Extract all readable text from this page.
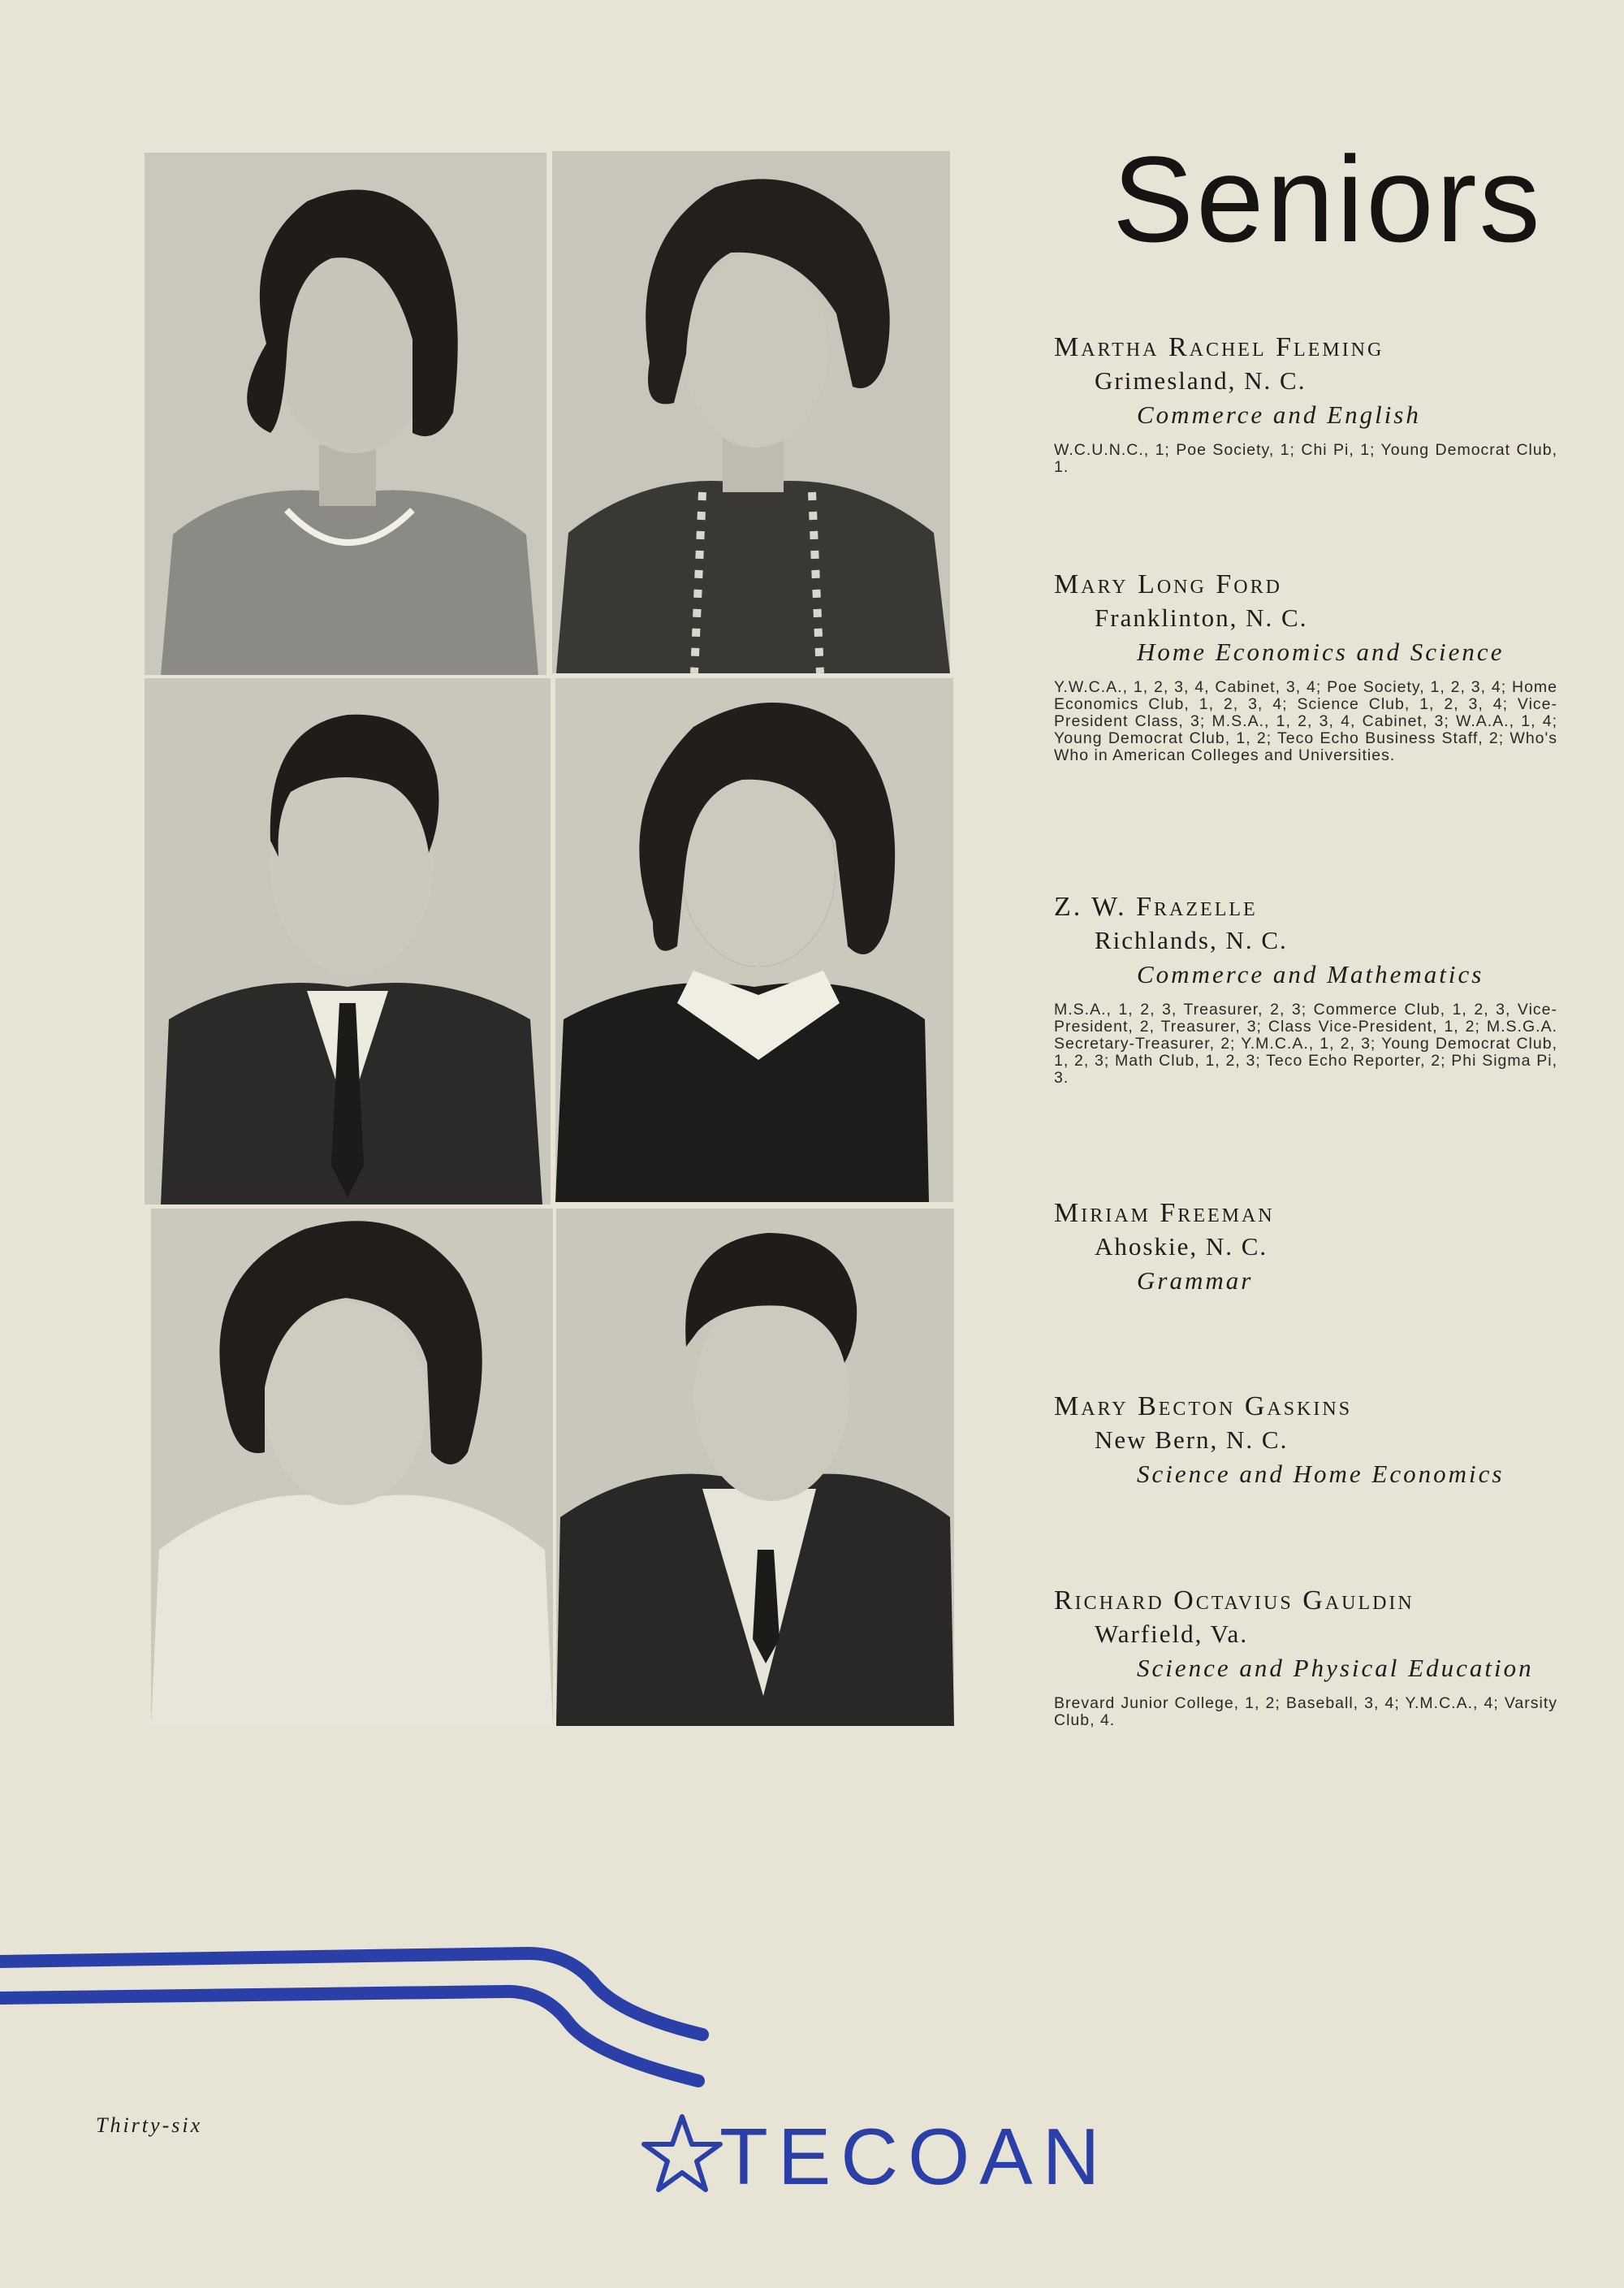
Seniors

Martha Rachel Fleming

Grimesland, N. C.

Commerce and English

W.C.U.N.C., 1; Poe Society, 1; Chi Pi, 1; Young Democrat Club, 1.

Mary Long Ford

Franklinton, N. C.

Home Economics and Science

Y.W.C.A., 1, 2, 3, 4, Cabinet, 3, 4; Poe Society, 1, 2, 3, 4; Home Economics Club, 1, 2, 3, 4; Science Club, 1, 2, 3, 4; Vice-President Class, 3; M.S.A., 1, 2, 3, 4, Cabinet, 3; W.A.A., 1, 4; Young Democrat Club, 1, 2; Teco Echo Business Staff, 2; Who's Who in American Colleges and Universities.

Z. W. Frazelle

Richlands, N. C.

Commerce and Mathematics

M.S.A., 1, 2, 3, Treasurer, 2, 3; Commerce Club, 1, 2, 3, Vice-President, 2, Treasurer, 3; Class Vice-President, 1, 2; M.S.G.A. Secretary-Treasurer, 2; Y.M.C.A., 1, 2, 3; Young Democrat Club, 1, 2, 3; Math Club, 1, 2, 3; Teco Echo Reporter, 2; Phi Sigma Pi, 3.

Miriam Freeman

Ahoskie, N. C.

Grammar

Mary Becton Gaskins

New Bern, N. C.

Science and Home Economics

Richard Octavius Gauldin

Warfield, Va.

Science and Physical Education

Brevard Junior College, 1, 2; Baseball, 3, 4; Y.M.C.A., 4; Varsity Club, 4.

Thirty-six	TECOAN
